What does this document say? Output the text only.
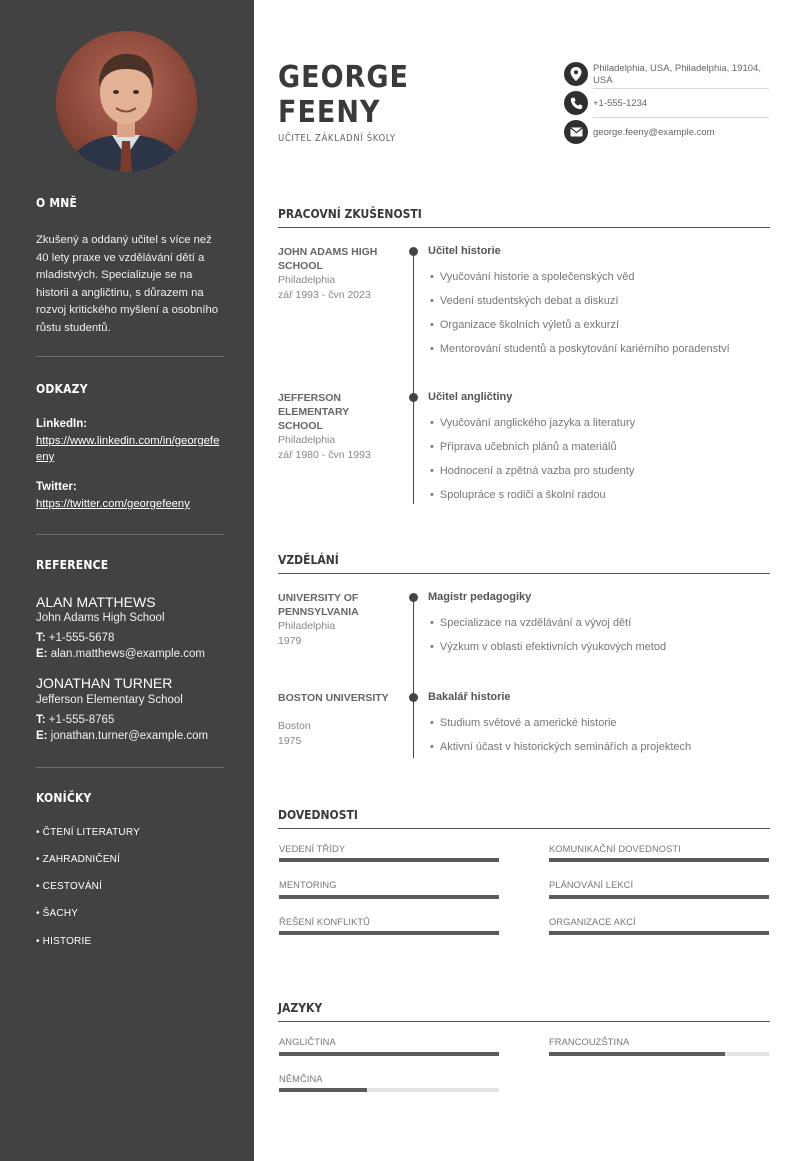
O MNĚ
Zkušený a oddaný učitel s více než 40 lety praxe ve vzdělávání dětí a mladistvých. Specializuje se na historii a angličtinu, s důrazem na rozvoj kritického myšlení a osobního růstu studentů.
ODKAZY
LinkedIn:
https://www.linkedin.com/in/georgefeeny
Twitter:
https://twitter.com/georgefeeny
REFERENCE
ALAN MATTHEWS
John Adams High School
T: +1-555-5678
E: alan.matthews@example.com
JONATHAN TURNER
Jefferson Elementary School
T: +1-555-8765
E: jonathan.turner@example.com
KONÍČKY
• ČTENÍ LITERATURY
• ZAHRADNIČENÍ
• CESTOVÁNÍ
• ŠACHY
• HISTORIE
GEORGE
FEENY
UČITEL ZÁKLADNÍ ŠKOLY
Philadelphia, USA, Philadelphia, 19104, USA
+1-555-1234
george.feeny@example.com
PRACOVNÍ ZKUŠENOSTI
JOHN ADAMS HIGH SCHOOL
Philadelphia
zář 1993 - čvn 2023
Učitel historie
• Vyučování historie a společenských věd
• Vedení studentských debat a diskuzí
• Organizace školních výletů a exkurzí
• Mentorování studentů a poskytování kariérního poradenství
JEFFERSON ELEMENTARY SCHOOL
Philadelphia
zář 1980 - čvn 1993
Učitel angličtiny
• Vyučování anglického jazyka a literatury
• Příprava učebních plánů a materiálů
• Hodnocení a zpětná vazba pro studenty
• Spolupráce s rodiči a školní radou
VZDĚLÁNÍ
UNIVERSITY OF PENNSYLVANIA
Philadelphia
1979
Magistr pedagogiky
• Specializace na vzdělávání a vývoj dětí
• Výzkum v oblasti efektivních výukových metod
BOSTON UNIVERSITY
Boston
1975
Bakalář historie
• Studium světové a americké historie
• Aktivní účast v historických seminářích a projektech
DOVEDNOSTI
VEDENÍ TŘÍDY	KOMUNIKAČNÍ DOVEDNOSTI
MENTORING	PLÁNOVÁNÍ LEKCÍ
ŘEŠENÍ KONFLIKTŮ	ORGANIZACE AKCÍ
JAZYKY
ANGLIČTINA	FRANCOUZŠTINA
NĚMČINA
